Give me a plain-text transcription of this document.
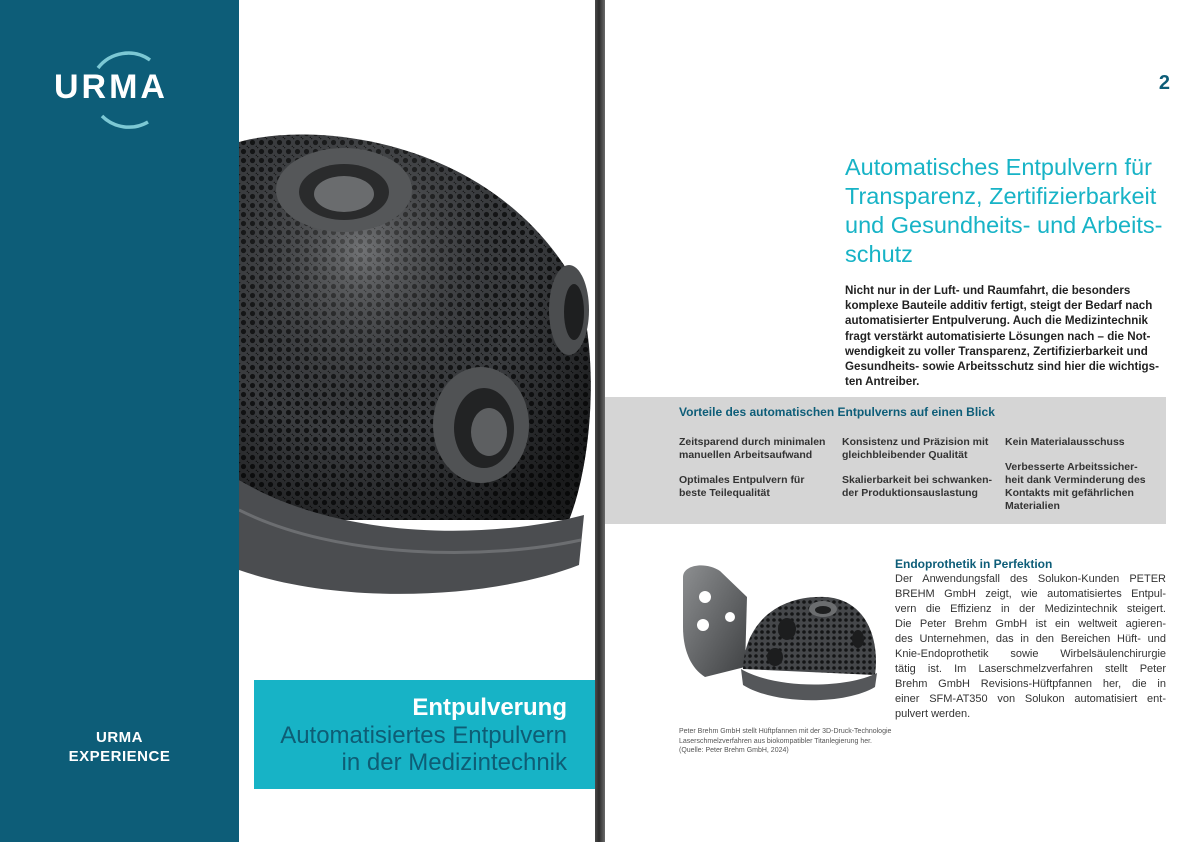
URMA
URMA
EXPERIENCE
Entpulverung
Automatisiertes Entpulvern
in der Medizintechnik
2
Automatisches Entpulvern für
Transparenz, Zertifizierbarkeit
und Gesundheits- und Arbeits-
schutz
Nicht nur in der Luft- und Raumfahrt, die besonders
komplexe Bauteile additiv fertigt, steigt der Bedarf nach
automatisierter Entpulverung. Auch die Medizintechnik
fragt verstärkt automatisierte Lösungen nach – die Not-
wendigkeit zu voller Transparenz, Zertifizierbarkeit und
Gesundheits- sowie Arbeitsschutz sind hier die wichtigs-
ten Antreiber.
Vorteile des automatischen Entpulverns auf einen Blick
Zeitsparend durch minimalen
manuellen Arbeitsaufwand
Konsistenz und Präzision mit
gleichbleibender Qualität
Kein Materialausschuss
Optimales Entpulvern für
beste Teilequalität
Skalierbarkeit bei schwanken-
der Produktionsauslastung
Verbesserte Arbeitssicher-
heit dank Verminderung des
Kontakts mit gefährlichen
Materialien
Peter Brehm GmbH stellt Hüftpfannen mit der 3D-Druck-Technologie
Laserschmelzverfahren aus biokompatibler Titanlegierung her.
(Quelle: Peter Brehm GmbH, 2024)
Endoprothetik in Perfektion
Der Anwendungsfall des Solukon-Kunden PETER
BREHM GmbH zeigt, wie automatisiertes Entpul-
vern die Effizienz in der Medizintechnik steigert.
Die Peter Brehm GmbH ist ein weltweit agieren-
des Unternehmen, das in den Bereichen Hüft- und
Knie-Endoprothetik sowie Wirbelsäulenchirurgie
tätig ist. Im Laserschmelzverfahren stellt Peter
Brehm GmbH Revisions-Hüftpfannen her, die in
einer SFM-AT350 von Solukon automatisiert ent-
pulvert werden.
